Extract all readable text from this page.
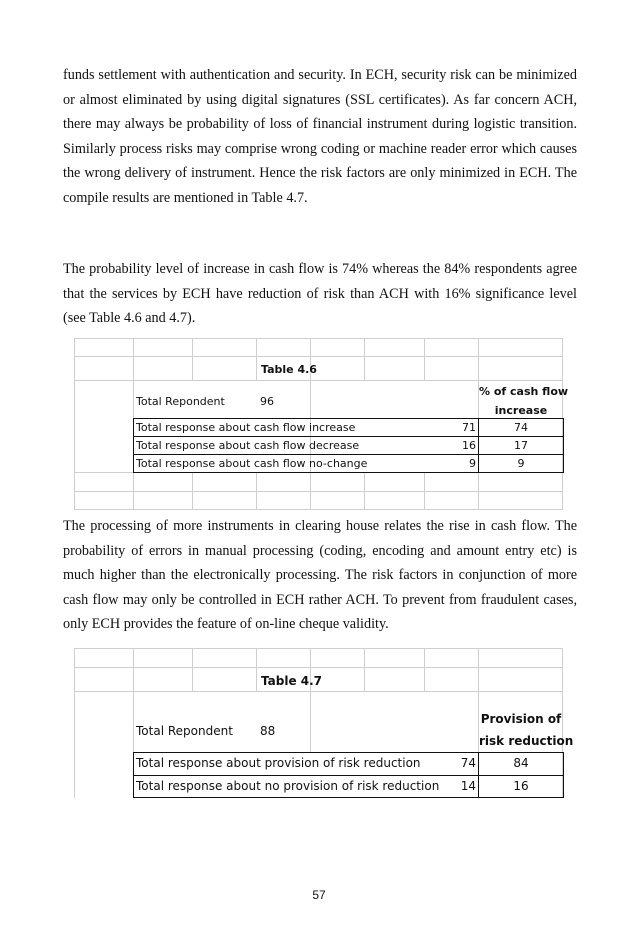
funds settlement with authentication and security. In ECH, security risk can be minimized or almost eliminated by using digital signatures (SSL certificates). As far concern ACH, there may always be probability of loss of financial instrument during logistic transition. Similarly process risks may comprise wrong coding or machine reader error which causes the wrong delivery of instrument. Hence the risk factors are only minimized in ECH. The compile results are mentioned in Table 4.7.

The probability level of increase in cash flow is 74% whereas the 84% respondents agree that the services by ECH have reduction of risk than ACH with 16% significance level (see Table 4.6 and 4.7).

Table 4.6
Total Repondent	96
% of cash flow
increase
Total response about cash flow increase	71	74
Total response about cash flow decrease	16	17
Total response about cash flow no-change	9	9

The processing of more instruments in clearing house relates the rise in cash flow. The probability of errors in manual processing (coding, encoding and amount entry etc) is much higher than the electronically processing. The risk factors in conjunction of more cash flow may only be controlled in ECH rather ACH. To prevent from fraudulent cases, only ECH provides the feature of on-line cheque validity.

Table 4.7
Total Repondent 88
Provision of
risk reduction
Total response about provision of risk reduction	74	84
Total response about no provision of risk reduction	14	16
57
